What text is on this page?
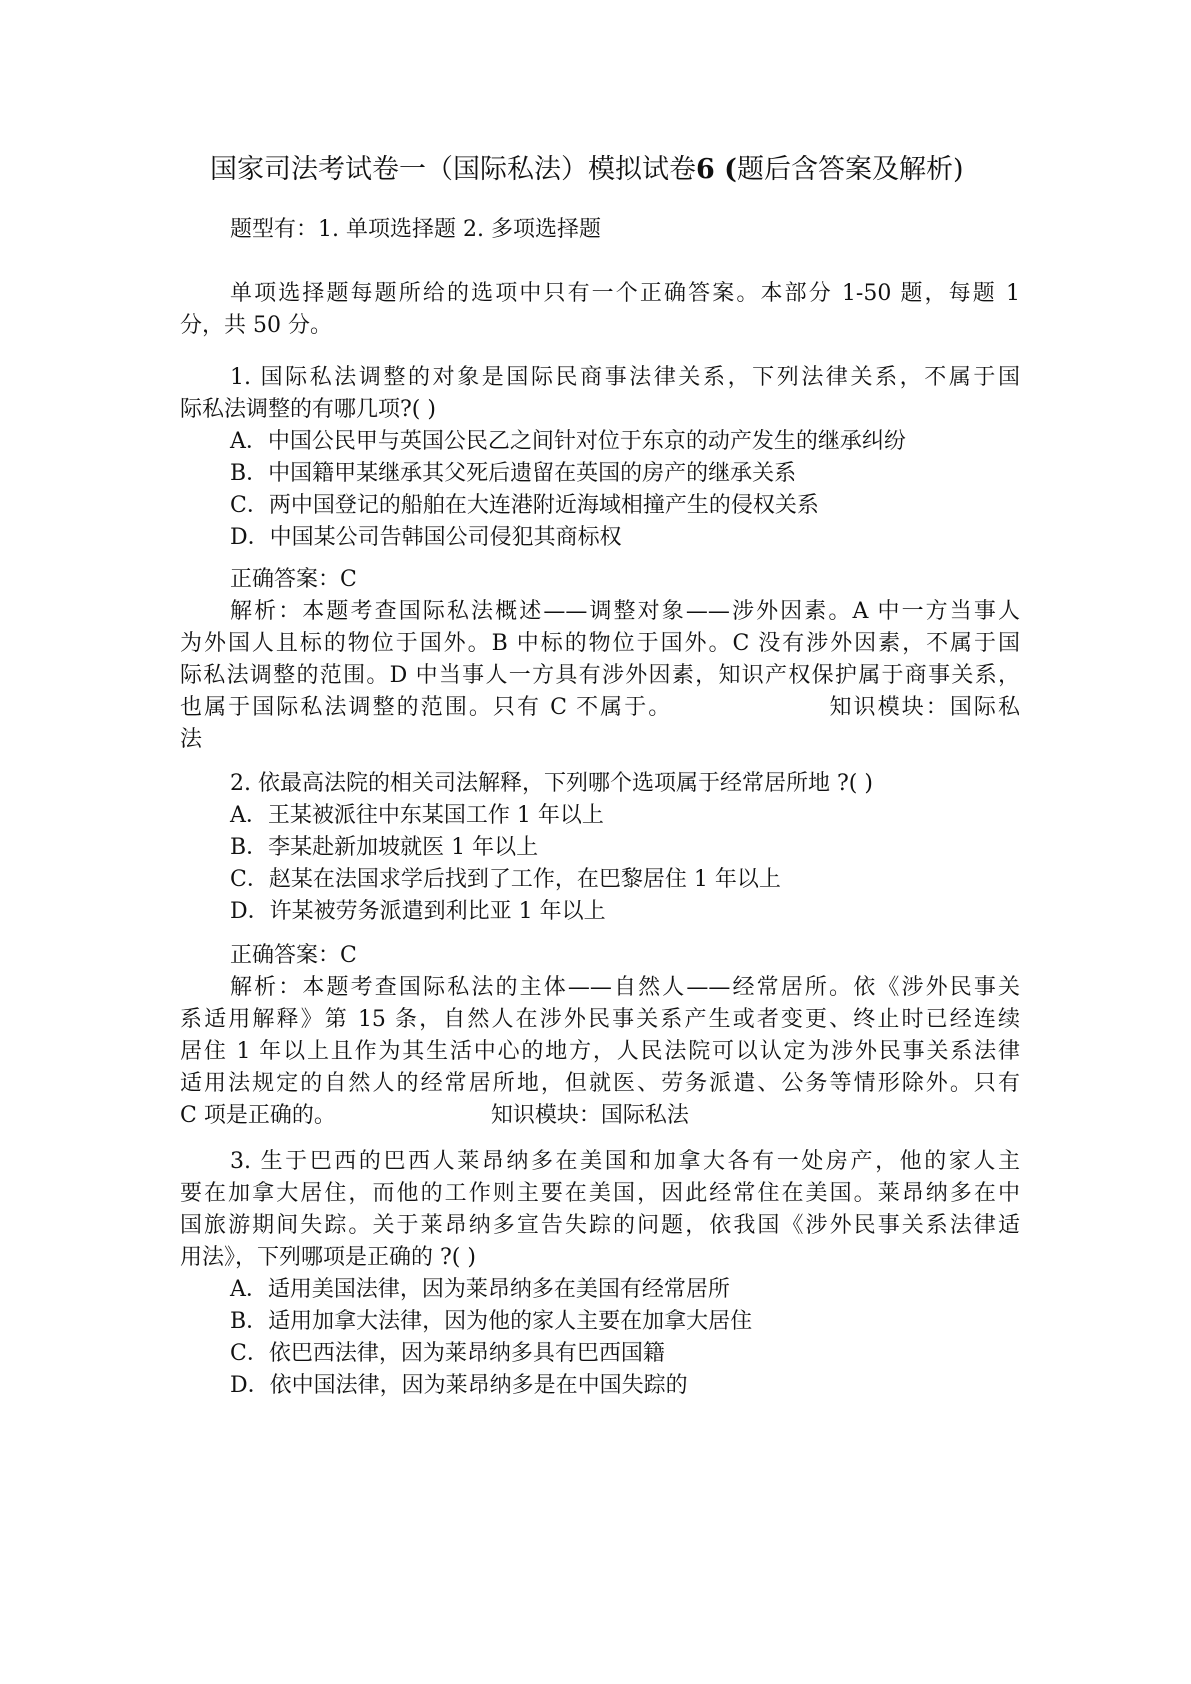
国家司法考试卷一（国际私法）模拟试卷6 (题后含答案及解析)
题型有：1. 单项选择题 2. 多项选择题
单项选择题每题所给的选项中只有一个正确答案。本部分 1-50 题，每题 1
分，共 50 分。
1. 国际私法调整的对象是国际民商事法律关系，下列法律关系，不属于国
际私法调整的有哪几项?( )
A．中国公民甲与英国公民乙之间针对位于东京的动产发生的继承纠纷
B．中国籍甲某继承其父死后遗留在英国的房产的继承关系
C．两中国登记的船舶在大连港附近海域相撞产生的侵权关系
D．中国某公司告韩国公司侵犯其商标权
正确答案：C
解析：本题考查国际私法概述——调整对象——涉外因素。A 中一方当事人
为外国人且标的物位于国外。B 中标的物位于国外。C 没有涉外因素，不属于国
际私法调整的范围。D 中当事人一方具有涉外因素，知识产权保护属于商事关系，
也属于国际私法调整的范围。只有 C 不属于。	知识模块：国际私
法
2. 依最高法院的相关司法解释，下列哪个选项属于经常居所地 ?( )
A．王某被派往中东某国工作 1 年以上
B．李某赴新加坡就医 1 年以上
C．赵某在法国求学后找到了工作，在巴黎居住 1 年以上
D．许某被劳务派遣到利比亚 1 年以上
正确答案：C
解析：本题考查国际私法的主体——自然人——经常居所。依《涉外民事关
系适用解释》第 15 条，自然人在涉外民事关系产生或者变更、终止时已经连续
居住 1 年以上且作为其生活中心的地方，人民法院可以认定为涉外民事关系法律
适用法规定的自然人的经常居所地，但就医、劳务派遣、公务等情形除外。只有
C 项是正确的。	知识模块：国际私法
3. 生于巴西的巴西人莱昂纳多在美国和加拿大各有一处房产，他的家人主
要在加拿大居住，而他的工作则主要在美国，因此经常住在美国。莱昂纳多在中
国旅游期间失踪。关于莱昂纳多宣告失踪的问题，依我国《涉外民事关系法律适
用法》，下列哪项是正确的 ?( )
A．适用美国法律，因为莱昂纳多在美国有经常居所
B．适用加拿大法律，因为他的家人主要在加拿大居住
C．依巴西法律，因为莱昂纳多具有巴西国籍
D．依中国法律，因为莱昂纳多是在中国失踪的
